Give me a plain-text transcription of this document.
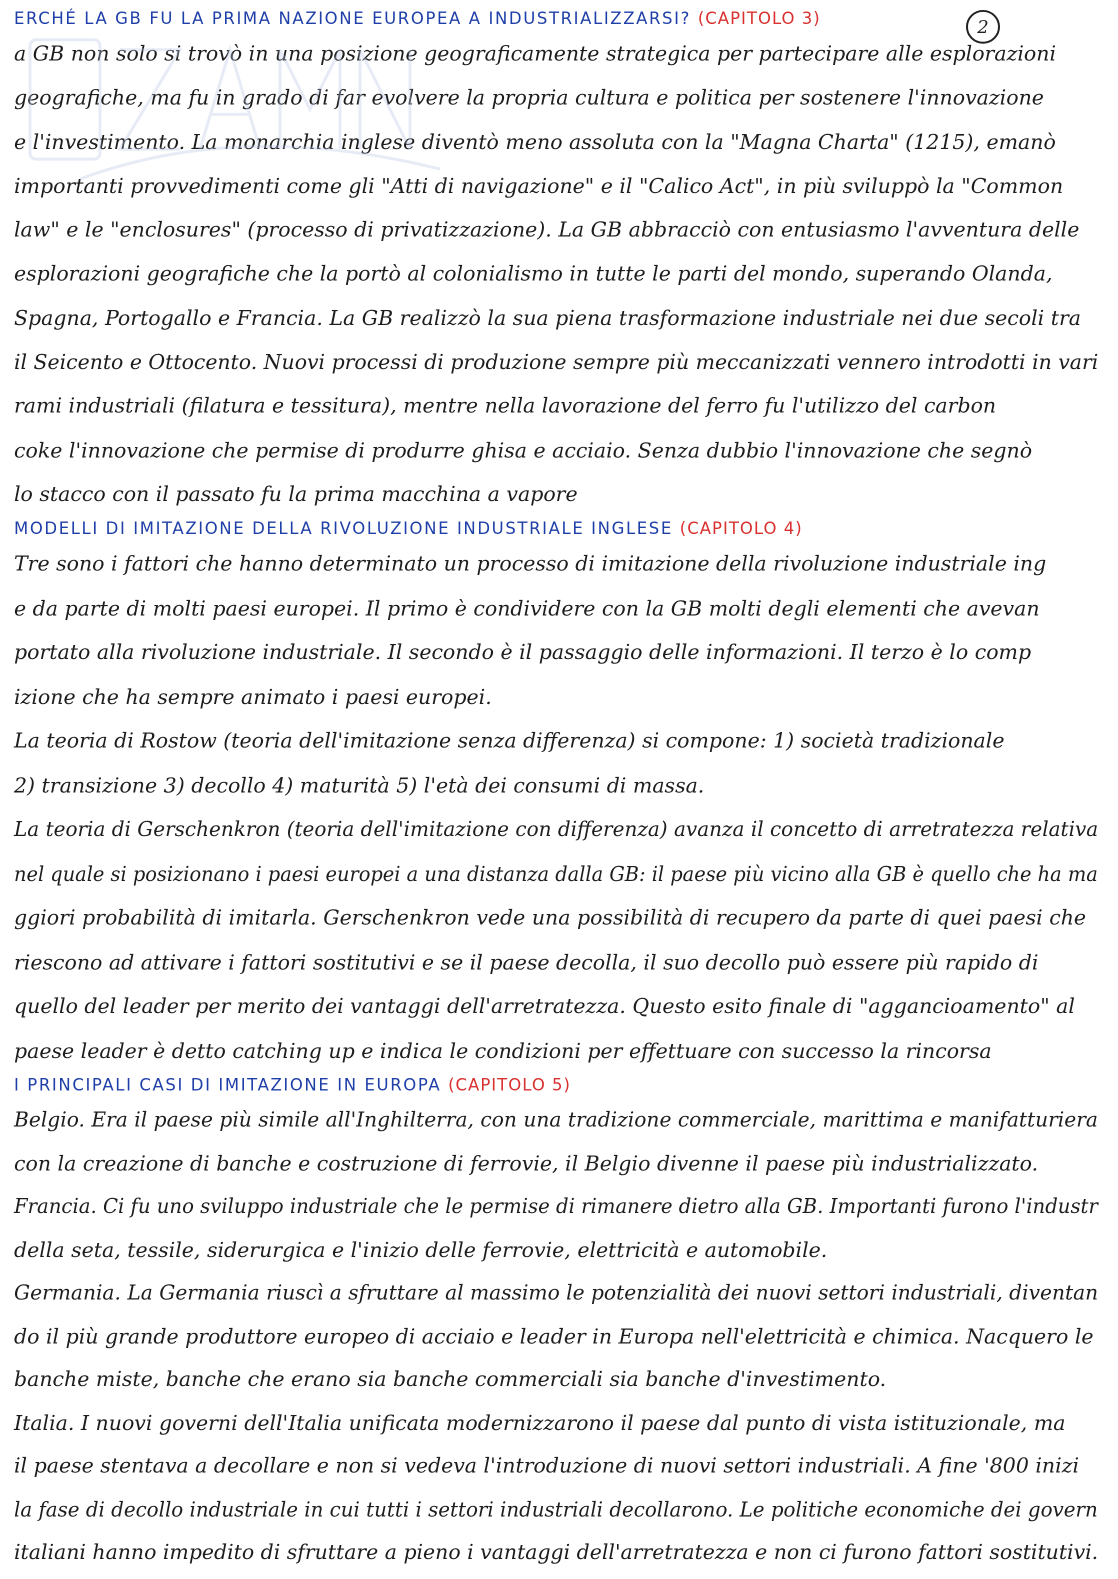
2

ERCHÉ LA GB FU LA PRIMA NAZIONE EUROPEA A INDUSTRIALIZZARSI? (CAPITOLO 3)

a GB non solo si trovò in una posizione geograficamente strategica per partecipare alle esplorazioni

geografiche, ma fu in grado di far evolvere la propria cultura e politica per sostenere l'innovazione

e l'investimento. La monarchia inglese diventò meno assoluta con la "Magna Charta" (1215), emanò

importanti provvedimenti come gli "Atti di navigazione" e il "Calico Act", in più sviluppò la "Common

law" e le "enclosures" (processo di privatizzazione). La GB abbracciò con entusiasmo l'avventura delle

esplorazioni geografiche che la portò al colonialismo in tutte le parti del mondo, superando Olanda,

Spagna, Portogallo e Francia. La GB realizzò la sua piena trasformazione industriale nei due secoli tra

il Seicento e Ottocento. Nuovi processi di produzione sempre più meccanizzati vennero introdotti in vari

rami industriali (filatura e tessitura), mentre nella lavorazione del ferro fu l'utilizzo del carbon

coke l'innovazione che permise di produrre ghisa e acciaio. Senza dubbio l'innovazione che segnò

lo stacco con il passato fu la prima macchina a vapore

MODELLI DI IMITAZIONE DELLA RIVOLUZIONE INDUSTRIALE INGLESE (CAPITOLO 4)

Tre sono i fattori che hanno determinato un processo di imitazione della rivoluzione industriale ing

e da parte di molti paesi europei. Il primo è condividere con la GB molti degli elementi che avevan

portato alla rivoluzione industriale. Il secondo è il passaggio delle informazioni. Il terzo è lo comp

izione che ha sempre animato i paesi europei.

La teoria di Rostow (teoria dell'imitazione senza differenza) si compone: 1) società tradizionale

2) transizione 3) decollo 4) maturità 5) l'età dei consumi di massa.

La teoria di Gerschenkron (teoria dell'imitazione con differenza) avanza il concetto di arretratezza relativa

nel quale si posizionano i paesi europei a una distanza dalla GB: il paese più vicino alla GB è quello che ha ma

ggiori probabilità di imitarla. Gerschenkron vede una possibilità di recupero da parte di quei paesi che

riescono ad attivare i fattori sostitutivi e se il paese decolla, il suo decollo può essere più rapido di

quello del leader per merito dei vantaggi dell'arretratezza. Questo esito finale di "aggancioamento" al

paese leader è detto catching up e indica le condizioni per effettuare con successo la rincorsa

I PRINCIPALI CASI DI IMITAZIONE IN EUROPA (CAPITOLO 5)

Belgio. Era il paese più simile all'Inghilterra, con una tradizione commerciale, marittima e manifatturiera

con la creazione di banche e costruzione di ferrovie, il Belgio divenne il paese più industrializzato.

Francia. Ci fu uno sviluppo industriale che le permise di rimanere dietro alla GB. Importanti furono l'industr

della seta, tessile, siderurgica e l'inizio delle ferrovie, elettricità e automobile.

Germania. La Germania riuscì a sfruttare al massimo le potenzialità dei nuovi settori industriali, diventan

do il più grande produttore europeo di acciaio e leader in Europa nell'elettricità e chimica. Nacquero le

banche miste, banche che erano sia banche commerciali sia banche d'investimento.

Italia. I nuovi governi dell'Italia unificata modernizzarono il paese dal punto di vista istituzionale, ma

il paese stentava a decollare e non si vedeva l'introduzione di nuovi settori industriali. A fine '800 inizi

la fase di decollo industriale in cui tutti i settori industriali decollarono. Le politiche economiche dei govern

italiani hanno impedito di sfruttare a pieno i vantaggi dell'arretratezza e non ci furono fattori sostitutivi.
